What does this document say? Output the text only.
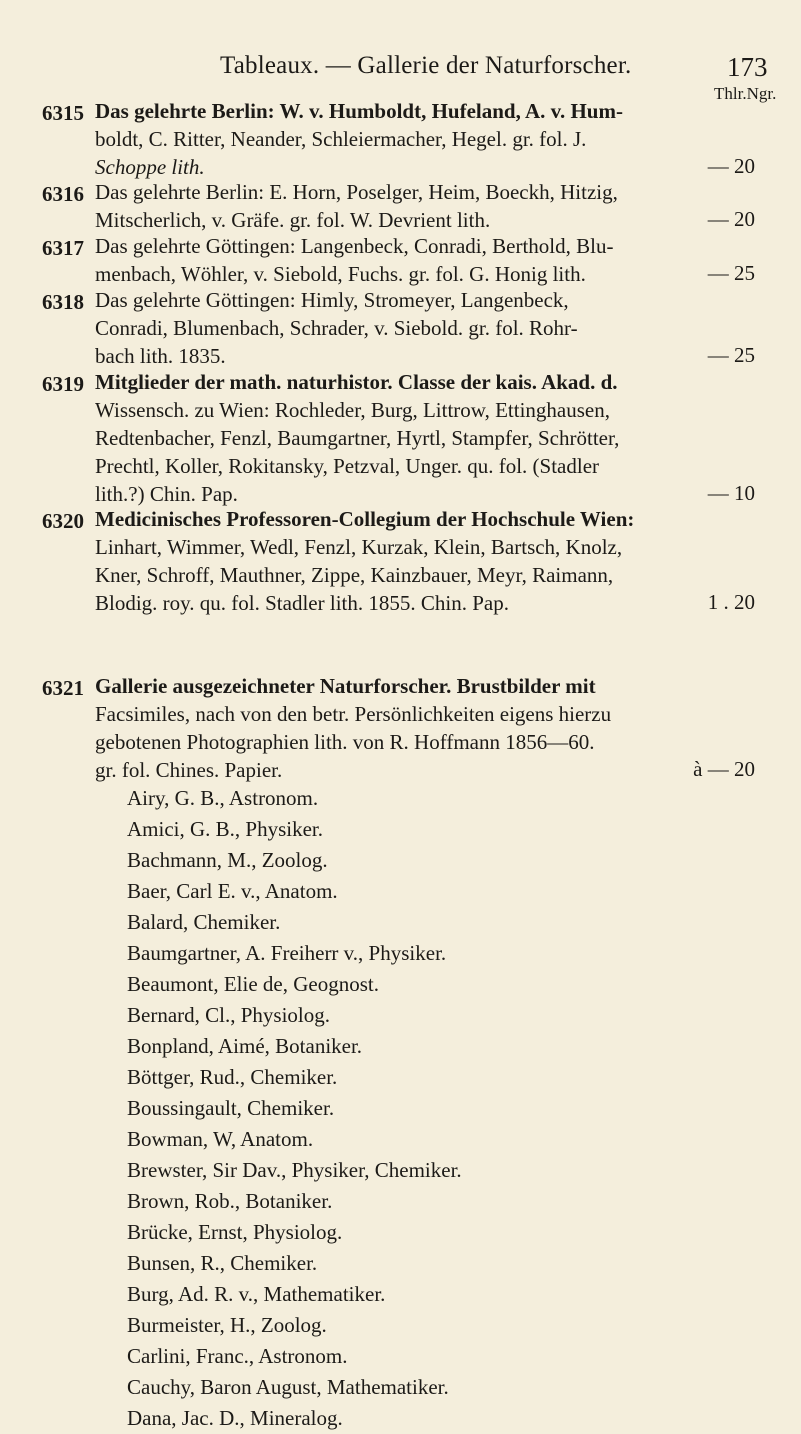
Tableaux. — Gallerie der Naturforscher.	173
Thlr.Ngr.
6315 Das gelehrte Berlin: W. v. Humboldt, Hufeland, A. v. Hum-
boldt, C. Ritter, Neander, Schleiermacher, Hegel. gr. fol. J.
Schoppe lith.	— 20
6316 Das gelehrte Berlin: E. Horn, Poselger, Heim, Boeckh, Hitzig,
Mitscherlich, v. Gräfe. gr. fol. W. Devrient lith.	— 20
6317 Das gelehrte Göttingen: Langenbeck, Conradi, Berthold, Blu-
menbach, Wöhler, v. Siebold, Fuchs. gr. fol. G. Honig lith.	— 25
6318 Das gelehrte Göttingen: Himly, Stromeyer, Langenbeck,
Conradi, Blumenbach, Schrader, v. Siebold. gr. fol. Rohr-
bach lith. 1835.	— 25
6319 Mitglieder der math. naturhistor. Classe der kais. Akad. d.
Wissensch. zu Wien: Rochleder, Burg, Littrow, Ettinghausen,
Redtenbacher, Fenzl, Baumgartner, Hyrtl, Stampfer, Schrötter,
Prechtl, Koller, Rokitansky, Petzval, Unger. qu. fol. (Stadler
lith.?) Chin. Pap.	— 10
6320 Medicinisches Professoren-Collegium der Hochschule Wien:
Linhart, Wimmer, Wedl, Fenzl, Kurzak, Klein, Bartsch, Knolz,
Kner, Schroff, Mauthner, Zippe, Kainzbauer, Meyr, Raimann,
Blodig. roy. qu. fol. Stadler lith. 1855. Chin. Pap.	1 . 20
6321 Gallerie ausgezeichneter Naturforscher. Brustbilder mit
Facsimiles, nach von den betr. Persönlichkeiten eigens hierzu
gebotenen Photographien lith. von R. Hoffmann 1856—60.
gr. fol. Chines. Papier.	à — 20
Airy, G. B., Astronom.
Amici, G. B., Physiker.
Bachmann, M., Zoolog.
Baer, Carl E. v., Anatom.
Balard, Chemiker.
Baumgartner, A. Freiherr v., Physiker.
Beaumont, Elie de, Geognost.
Bernard, Cl., Physiolog.
Bonpland, Aimé, Botaniker.
Böttger, Rud., Chemiker.
Boussingault, Chemiker.
Bowman, W, Anatom.
Brewster, Sir Dav., Physiker, Chemiker.
Brown, Rob., Botaniker.
Brücke, Ernst, Physiolog.
Bunsen, R., Chemiker.
Burg, Ad. R. v., Mathematiker.
Burmeister, H., Zoolog.
Carlini, Franc., Astronom.
Cauchy, Baron August, Mathematiker.
Dana, Jac. D., Mineralog.
